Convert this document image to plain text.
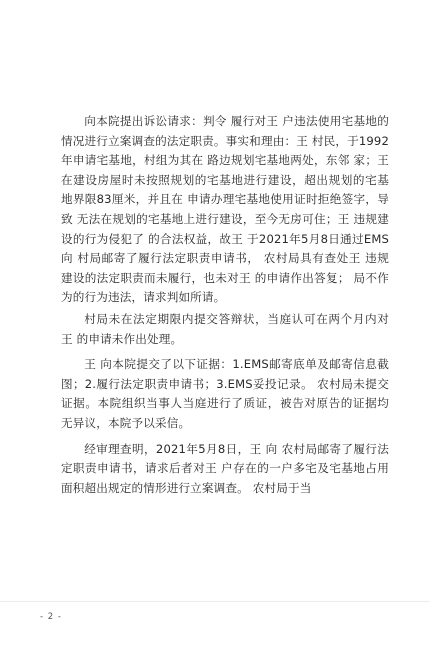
向本院提出诉讼请求：判令 履行对王 户违法使用宅基地的情况进行立案调查的法定职责。事实和理由：王 村民，于1992年申请宅基地，村组为其在 路边规划宅基地两处，东邻 家；王 在建设房屋时未按照规划的宅基地进行建设，超出规划的宅基地界限83厘米，并且在 申请办理宅基地使用证时拒绝签字，导致 无法在规划的宅基地上进行建设，至今无房可住；王 违规建设的行为侵犯了 的合法权益，故王 于2021年5月8日通过EMS向 村局邮寄了履行法定职责申请书， 农村局具有查处王 违规建设的法定职责而未履行，也未对王 的申请作出答复； 局不作为的行为违法，请求判如所请。

村局未在法定期限内提交答辩状，当庭认可在两个月内对王 的申请未作出处理。

王 向本院提交了以下证据：1.EMS邮寄底单及邮寄信息截图；2.履行法定职责申请书；3.EMS妥投记录。 农村局未提交证据。本院组织当事人当庭进行了质证，被告对原告的证据均无异议，本院予以采信。

经审理查明，2021年5月8日，王 向 农村局邮寄了履行法定职责申请书，请求后者对王 户存在的一户多宅及宅基地占用面积超出规定的情形进行立案调查。 农村局于当

- 2 -
